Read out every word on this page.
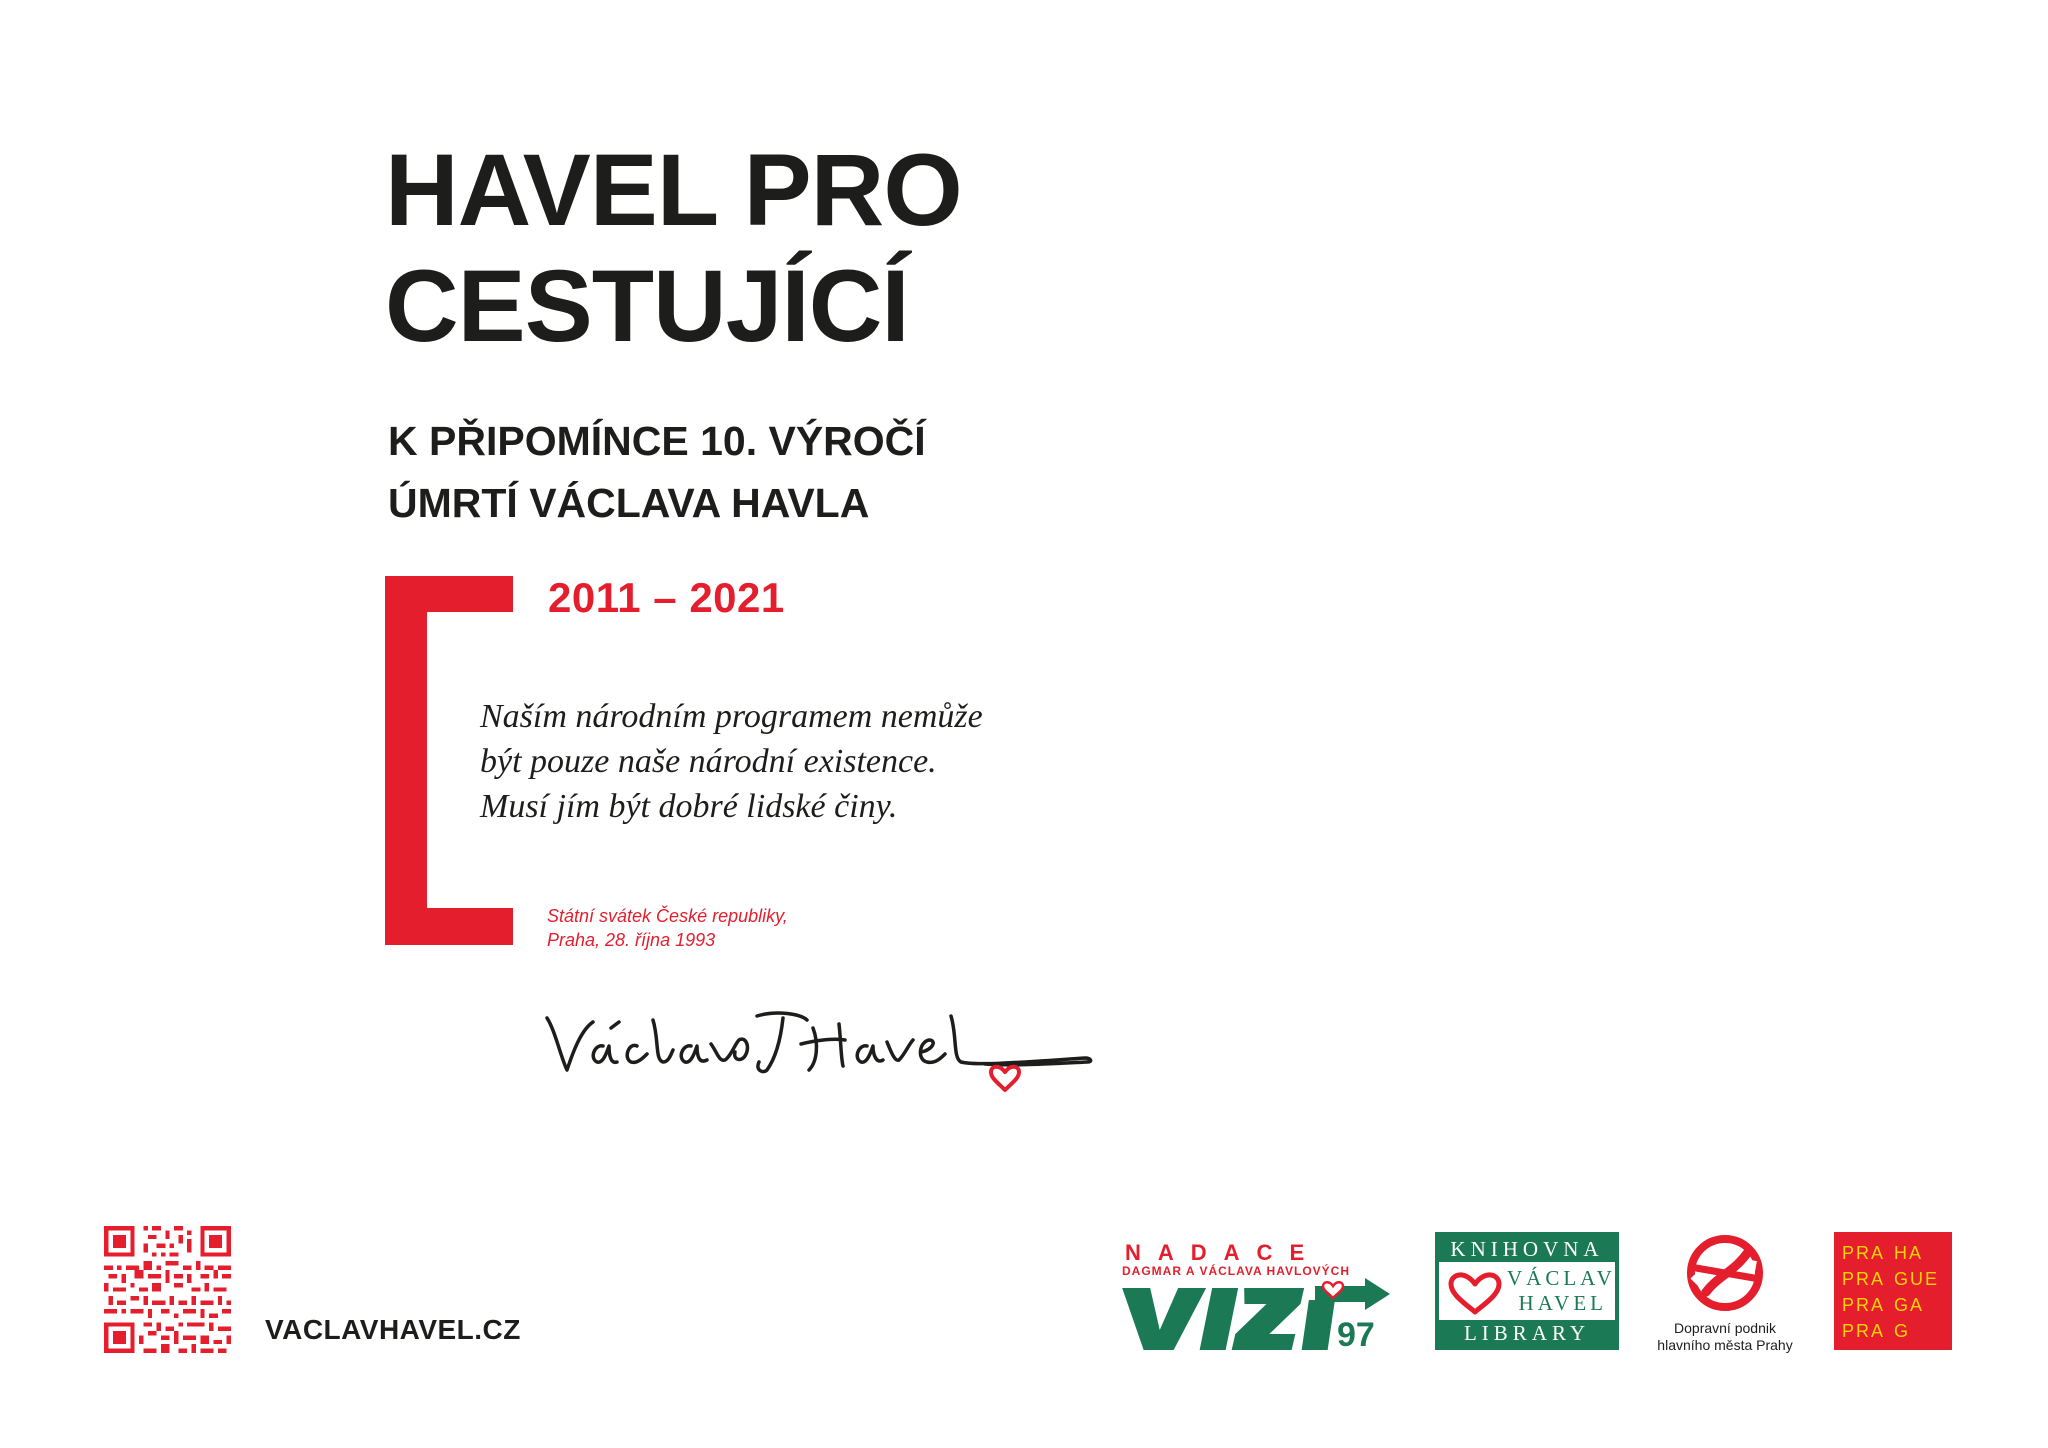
HAVEL PRO
CESTUJÍCÍ
K PŘIPOMÍNCE 10. VÝROČÍ
ÚMRTÍ VÁCLAVA HAVLA
2011 – 2021
Naším národním programem nemůže
být pouze naše národní existence.
Musí jím být dobré lidské činy.
Státní svátek České republiky,
Praha, 28. října 1993
VACLAVHAVEL.CZ
NADACE
DAGMAR A VÁCLAVA HAVLOVÝCH
97
KNIHOVNA
VÁCLAV
HAVEL
LIBRARY	Dopravní podnik
hlavního města Prahy
PRA HA
PRA GUE
PRA GA
PRA G
